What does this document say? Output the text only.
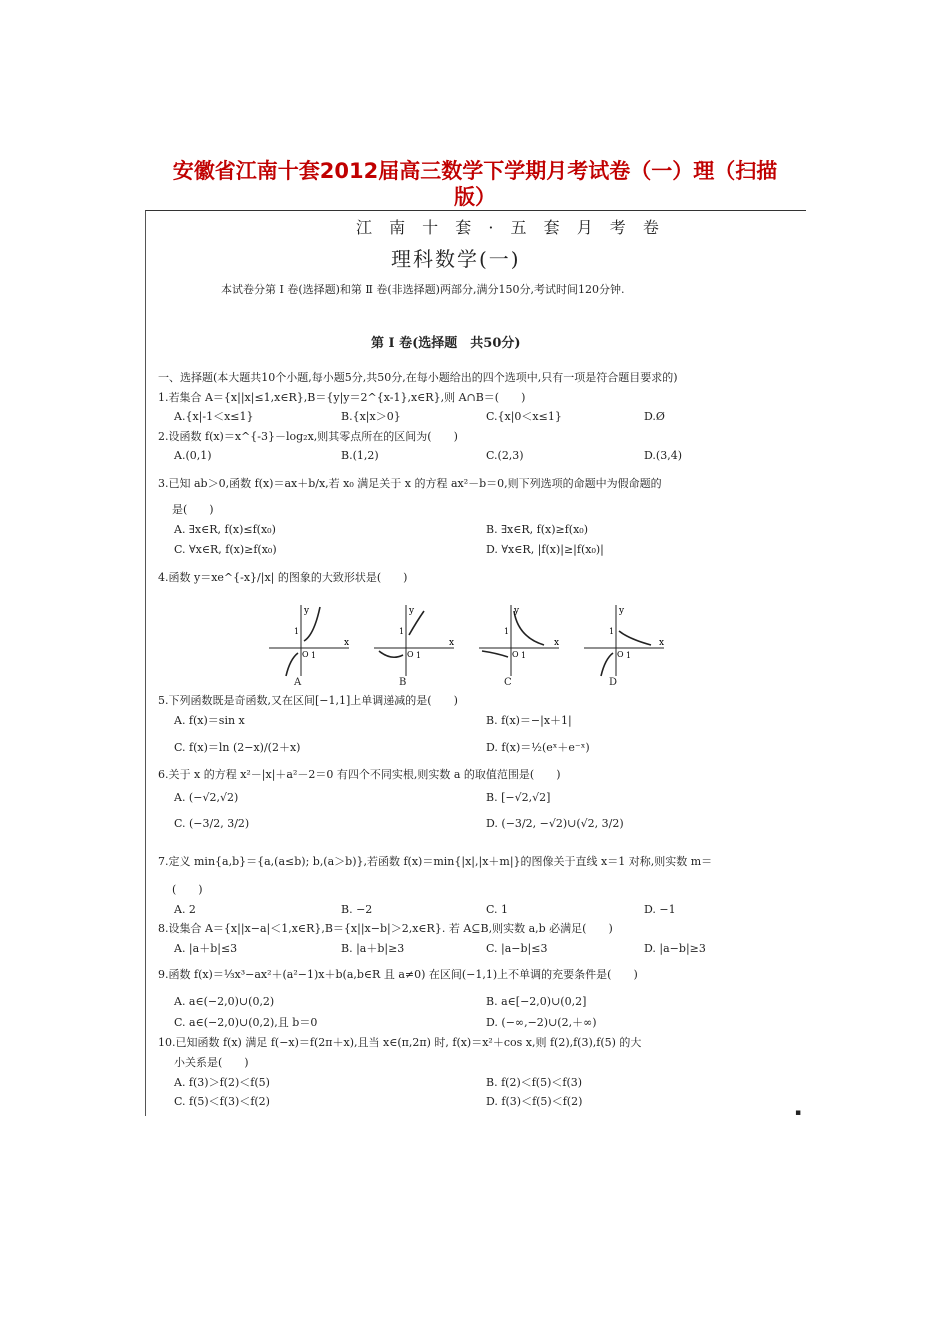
安徽省江南十套2012届高三数学下学期月考试卷（一）理（扫描
版）
江 南 十 套 · 五 套 月 考 卷
理科数学(一)
本试卷分第 Ⅰ 卷(选择题)和第 Ⅱ 卷(非选择题)两部分,满分150分,考试时间120分钟.
第 Ⅰ 卷(选择题　共50分)
一、选择题(本大题共10个小题,每小题5分,共50分,在每小题给出的四个选项中,只有一项是符合题目要求的)
1.若集合 A＝{x||x|≤1,x∈R},B＝{y|y＝2^{x-1},x∈R},则 A∩B＝(　　)
A.{x|-1＜x≤1}	B.{x|x＞0}	C.{x|0＜x≤1}	D.Ø
2.设函数 f(x)＝x^{-3}－log₂x,则其零点所在的区间为(　　)
A.(0,1)	B.(1,2)	C.(2,3)	D.(3,4)
3.已知 ab＞0,函数 f(x)＝ax＋b/x,若 x₀ 满足关于 x 的方程 ax²－b＝0,则下列选项的命题中为假命题的
是(　　)
A. ∃x∈R, f(x)≤f(x₀)	B. ∃x∈R, f(x)≥f(x₀)
C. ∀x∈R, f(x)≥f(x₀)	D. ∀x∈R, |f(x)|≥|f(x₀)|
4.函数 y＝xe^{-x}/|x| 的图象的大致形状是(　　)
y
x
1
O 1
A
y
x
1
O 1
B
y
x
1
O 1
C
y
x
1
O 1
D
5.下列函数既是奇函数,又在区间[−1,1]上单调递减的是(　　)
A. f(x)＝sin x	B. f(x)＝−|x＋1|
C. f(x)＝ln (2−x)/(2＋x)	D. f(x)＝½(eˣ＋e⁻ˣ)
6.关于 x 的方程 x²－|x|＋a²－2＝0 有四个不同实根,则实数 a 的取值范围是(　　)
A. (−√2,√2)	B. [−√2,√2]
C. (−3/2, 3/2)	D. (−3/2, −√2)∪(√2, 3/2)
7.定义 min{a,b}＝{a,(a≤b); b,(a＞b)},若函数 f(x)＝min{|x|,|x＋m|}的图像关于直线 x＝1 对称,则实数 m＝
(　　)
A. 2	B. −2	C. 1	D. −1
8.设集合 A＝{x||x−a|＜1,x∈R},B＝{x||x−b|＞2,x∈R}. 若 A⊆B,则实数 a,b 必满足(　　)
A. |a＋b|≤3	B. |a＋b|≥3	C. |a−b|≤3	D. |a−b|≥3
9.函数 f(x)＝⅓x³−ax²＋(a²−1)x＋b(a,b∈R 且 a≠0) 在区间(−1,1)上不单调的充要条件是(　　)
A. a∈(−2,0)∪(0,2)	B. a∈[−2,0)∪(0,2]
C. a∈(−2,0)∪(0,2),且 b＝0	D. (−∞,−2)∪(2,＋∞)
10.已知函数 f(x) 满足 f(−x)＝f(2π＋x),且当 x∈(π,2π) 时, f(x)＝x²＋cos x,则 f(2),f(3),f(5) 的大
小关系是(　　)
A. f(3)＞f(2)＜f(5)	B. f(2)＜f(5)＜f(3)
C. f(5)＜f(3)＜f(2)	D. f(3)＜f(5)＜f(2)
▪
